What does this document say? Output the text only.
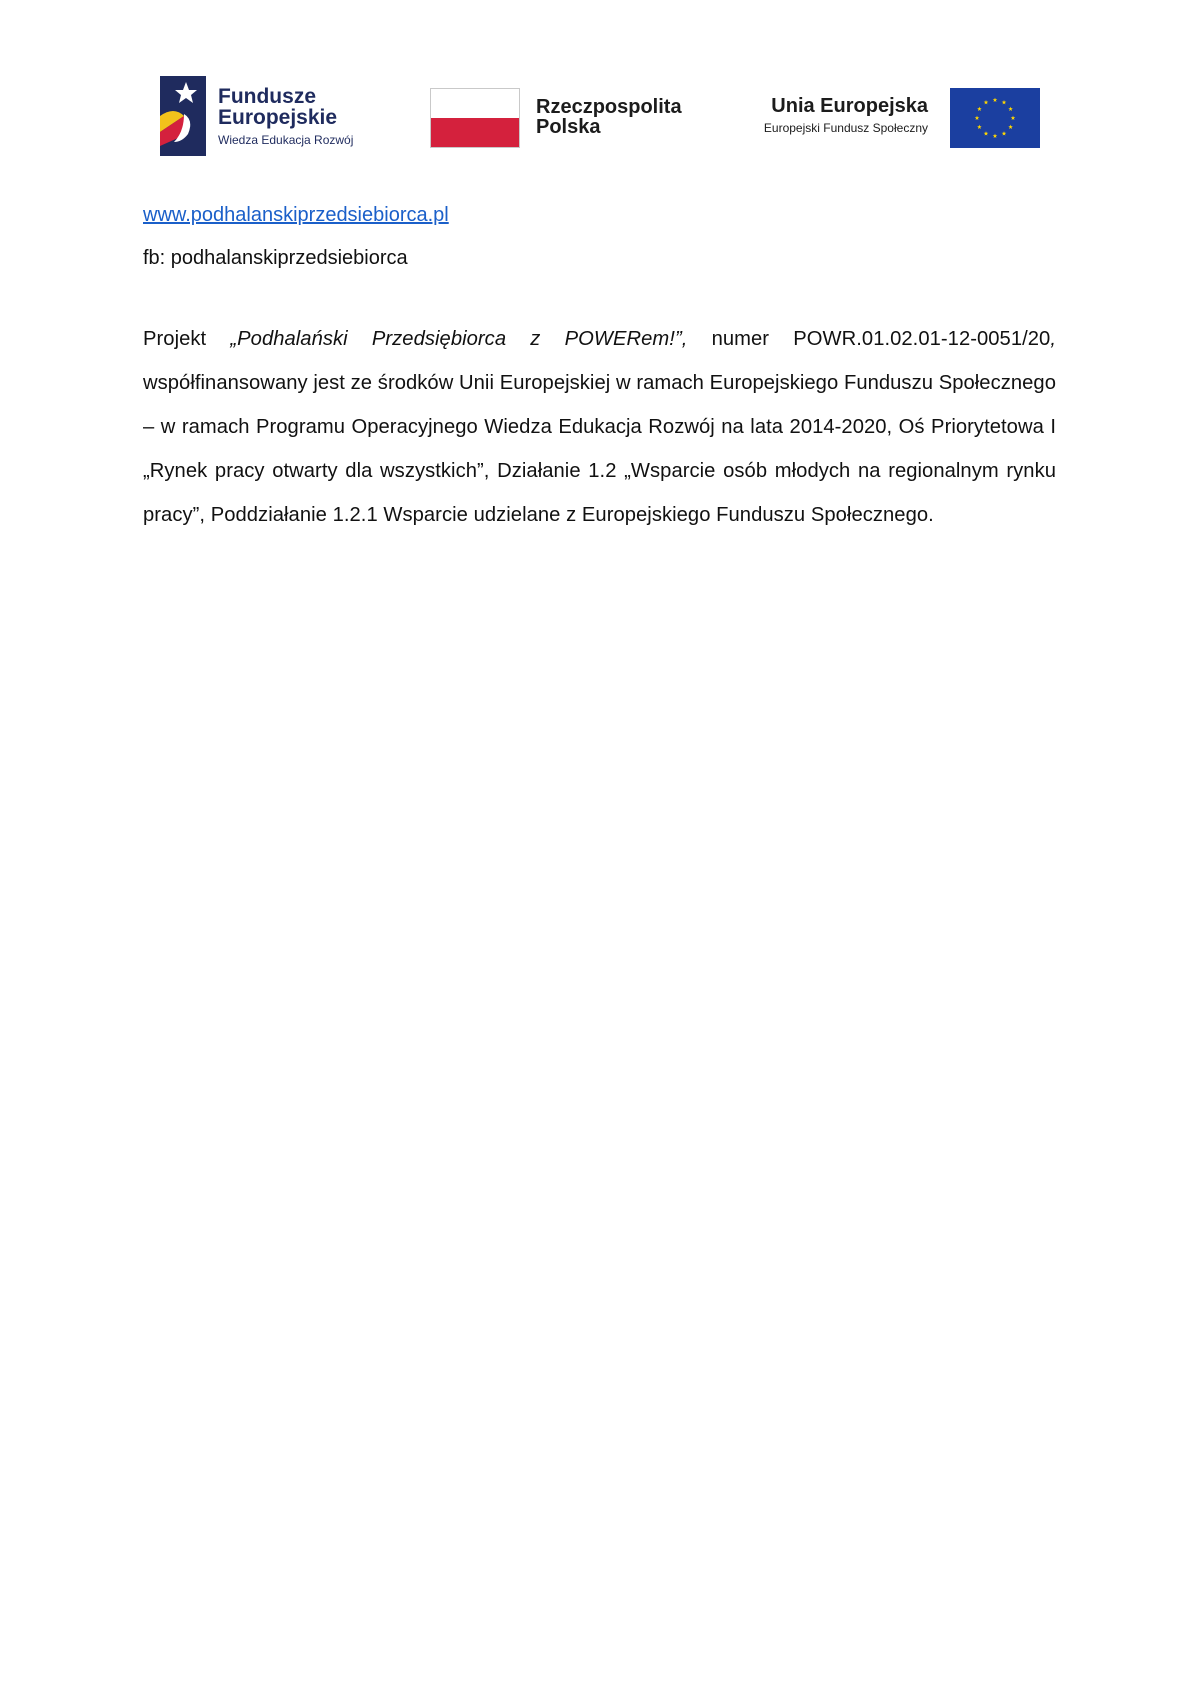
Fundusze
Europejskie
Wiedza Edukacja Rozwój
Rzeczpospolita
Polska
Unia Europejska
Europejski Fundusz Społeczny
www.podhalanskiprzedsiebiorca.pl
fb: podhalanskiprzedsiebiorca

Projekt „Podhalański Przedsiębiorca z POWERem!”, numer POWR.01.02.01-12-0051/20, współfinansowany jest ze środków Unii Europejskiej w ramach Europejskiego Funduszu Społecznego – w ramach Programu Operacyjnego Wiedza Edukacja Rozwój na lata 2014-2020, Oś Priorytetowa I „Rynek pracy otwarty dla wszystkich”, Działanie 1.2 „Wsparcie osób młodych na regionalnym rynku pracy”, Poddziałanie 1.2.1 Wsparcie udzielane z Europejskiego Funduszu Społecznego.
